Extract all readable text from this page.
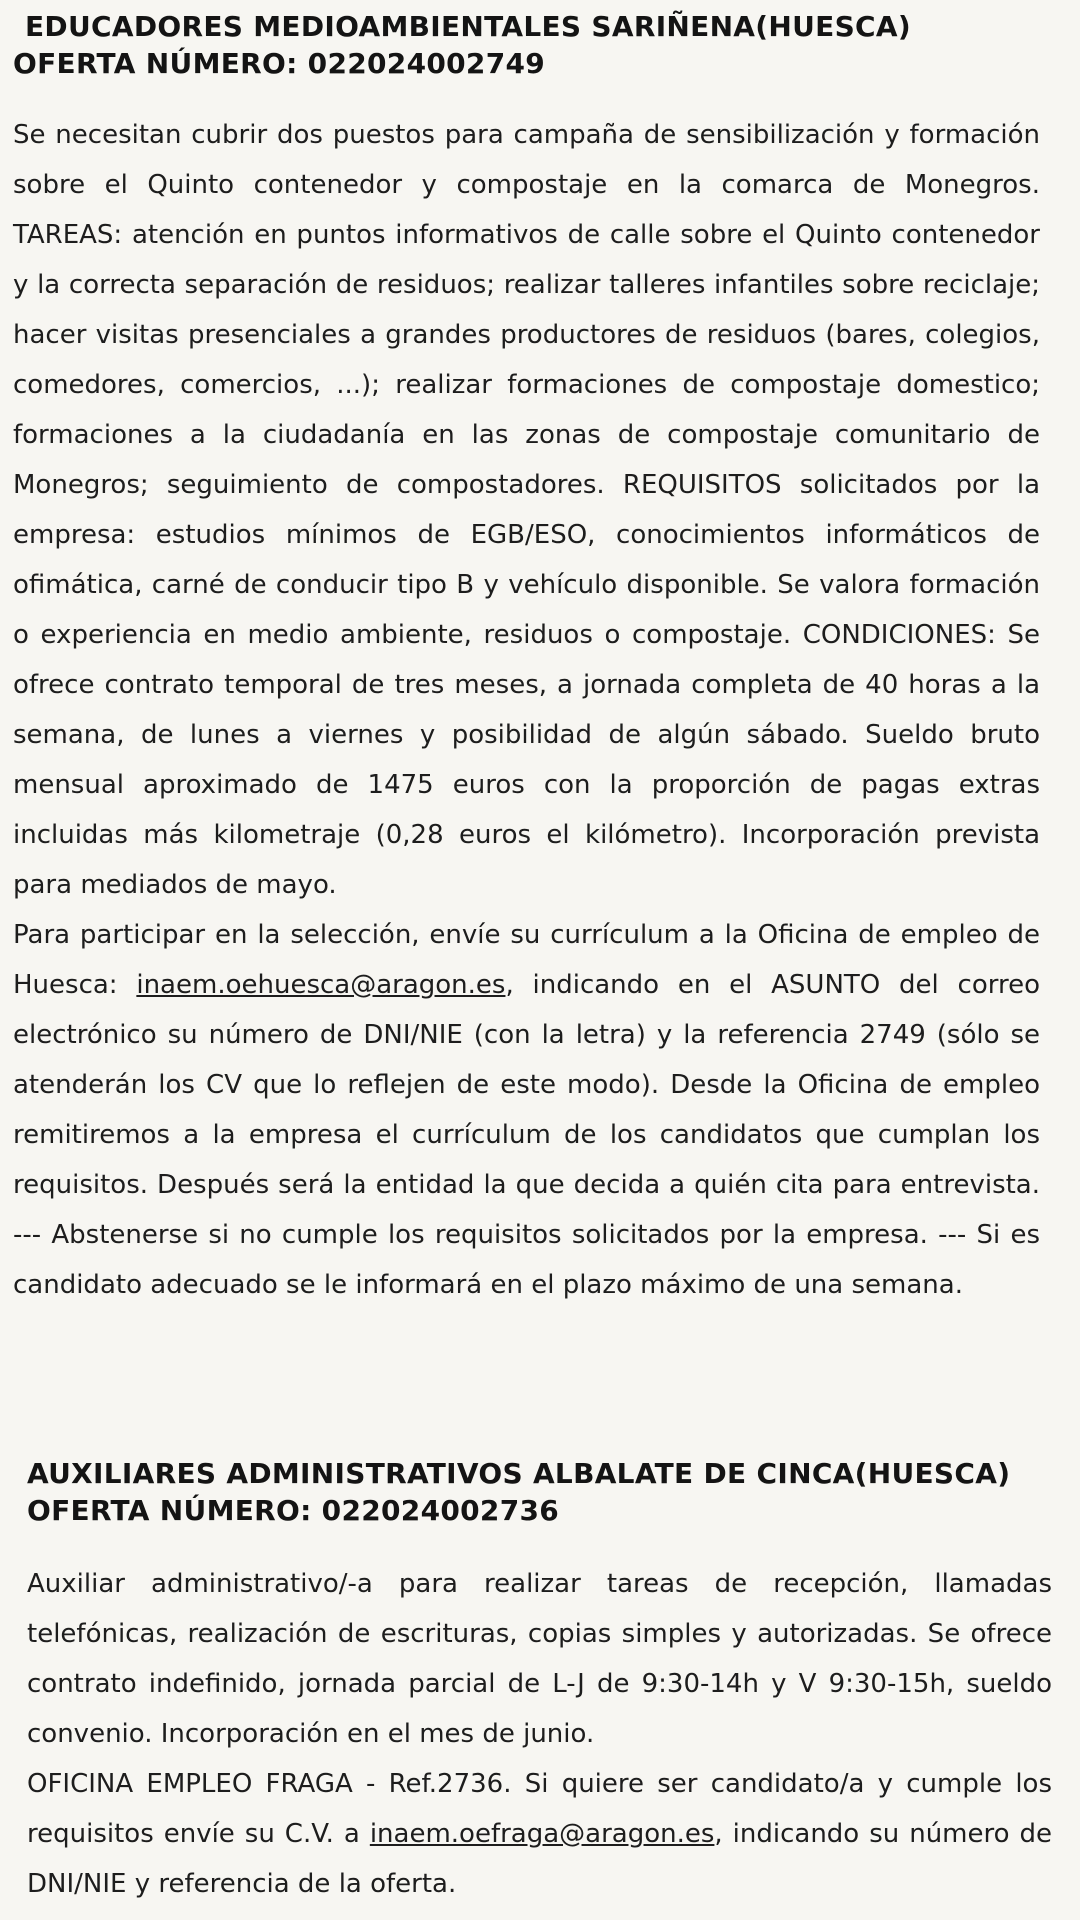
EDUCADORES MEDIOAMBIENTALES SARIÑENA(HUESCA)
OFERTA NÚMERO: 022024002749

Se necesitan cubrir dos puestos para campaña de sensibilización y formación sobre el Quinto contenedor y compostaje en la comarca de Monegros. TAREAS: atención en puntos informativos de calle sobre el Quinto contenedor y la correcta separación de residuos; realizar talleres infantiles sobre reciclaje; hacer visitas presenciales a grandes productores de residuos (bares, colegios, comedores, comercios, ...); realizar formaciones de compostaje domestico; formaciones a la ciudadanía en las zonas de compostaje comunitario de Monegros; seguimiento de compostadores. REQUISITOS solicitados por la empresa: estudios mínimos de EGB/ESO, conocimientos informáticos de ofimática, carné de conducir tipo B y vehículo disponible. Se valora formación o experiencia en medio ambiente, residuos o compostaje. CONDICIONES: Se ofrece contrato temporal de tres meses, a jornada completa de 40 horas a la semana, de lunes a viernes y posibilidad de algún sábado. Sueldo bruto mensual aproximado de 1475 euros con la proporción de pagas extras incluidas más kilometraje (0,28 euros el kilómetro). Incorporación prevista para mediados de mayo.

Para participar en la selección, envíe su currículum a la Oficina de empleo de Huesca: inaem.oehuesca@aragon.es, indicando en el ASUNTO del correo electrónico su número de DNI/NIE (con la letra) y la referencia 2749 (sólo se atenderán los CV que lo reflejen de este modo). Desde la Oficina de empleo remitiremos a la empresa el currículum de los candidatos que cumplan los requisitos. Después será la entidad la que decida a quién cita para entrevista. --- Abstenerse si no cumple los requisitos solicitados por la empresa. --- Si es candidato adecuado se le informará en el plazo máximo de una semana.

AUXILIARES ADMINISTRATIVOS ALBALATE DE CINCA(HUESCA)
OFERTA NÚMERO: 022024002736

Auxiliar administrativo/-a para realizar tareas de recepción, llamadas telefónicas, realización de escrituras, copias simples y autorizadas. Se ofrece contrato indefinido, jornada parcial de L-J de 9:30-14h y V 9:30-15h, sueldo convenio. Incorporación en el mes de junio.

OFICINA EMPLEO FRAGA - Ref.2736. Si quiere ser candidato/a y cumple los requisitos envíe su C.V. a inaem.oefraga@aragon.es, indicando su número de DNI/NIE y referencia de la oferta.
